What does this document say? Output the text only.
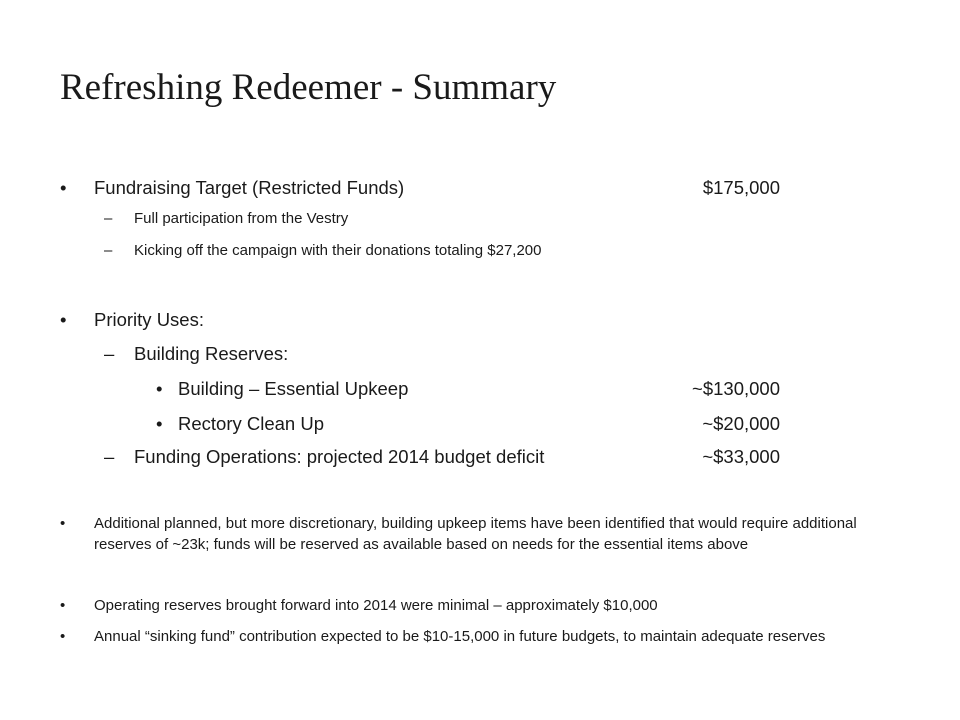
Refreshing Redeemer - Summary
• Fundraising Target (Restricted Funds)	$175,000
– Full participation from the Vestry
– Kicking off the campaign with their donations totaling $27,200
• Priority Uses:
– Building Reserves:
• Building – Essential Upkeep	~$130,000
• Rectory Clean Up	~$20,000
– Funding Operations: projected 2014 budget deficit	~$33,000
• Additional planned, but more discretionary, building upkeep items have been identified that would require additional reserves of ~23k; funds will be reserved as available based on needs for the essential items above
• Operating reserves brought forward into 2014 were minimal – approximately $10,000
• Annual “sinking fund” contribution expected to be $10-15,000 in future budgets, to maintain adequate reserves
